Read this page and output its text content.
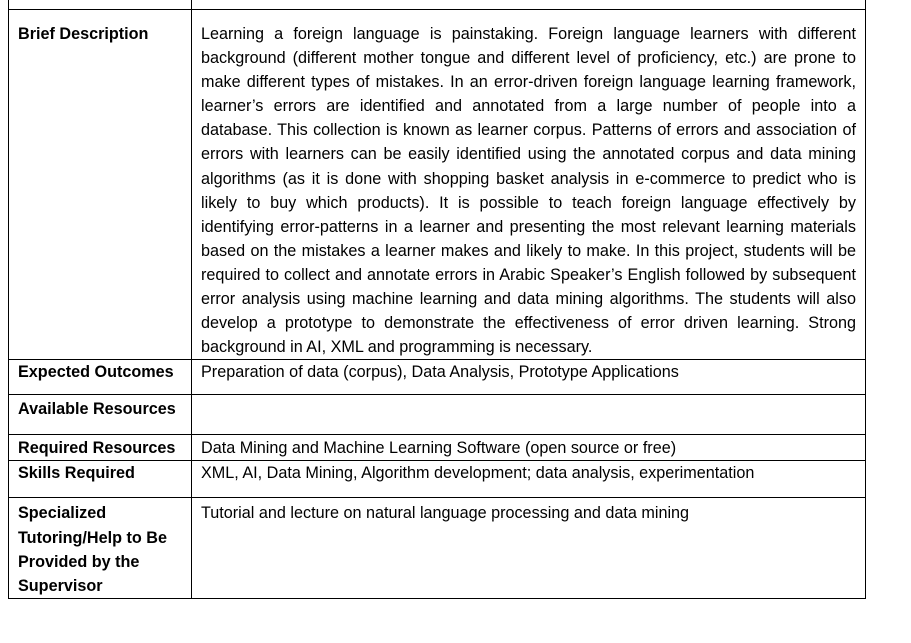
Brief Description	Learning a foreign language is painstaking. Foreign language learners with different background (different mother tongue and different level of proficiency, etc.) are prone to make different types of mistakes. In an error-driven foreign language learning framework, learner’s errors are identified and annotated from a large number of people into a database. This collection is known as learner corpus. Patterns of errors and association of errors with learners can be easily identified using the annotated corpus and data mining algorithms (as it is done with shopping basket analysis in e-commerce to predict who is likely to buy which products). It is possible to teach foreign language effectively by identifying error-patterns in a learner and presenting the most relevant learning materials based on the mistakes a learner makes and likely to make. In this project, students will be required to collect and annotate errors in Arabic Speaker’s English followed by subsequent error analysis using machine learning and data mining algorithms. The students will also develop a prototype to demonstrate the effectiveness of error driven learning. Strong background in AI, XML and programming is necessary.
Expected Outcomes	Preparation of data (corpus), Data Analysis, Prototype Applications
Available Resources	
Required Resources	Data Mining and Machine Learning Software (open source or free)
Skills Required	XML, AI, Data Mining, Algorithm development; data analysis, experimentation
Specialized Tutoring/Help to Be Provided by the Supervisor	Tutorial and lecture on natural language processing and data mining
